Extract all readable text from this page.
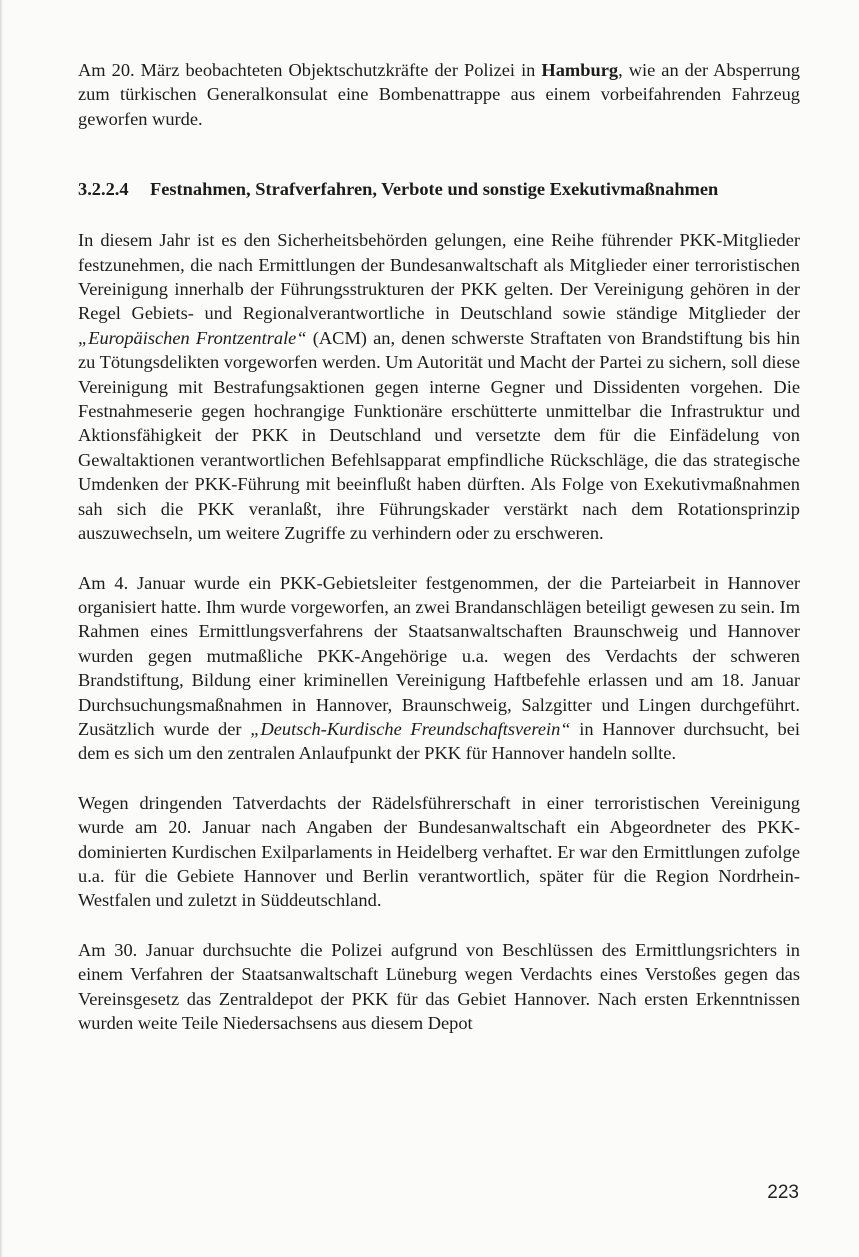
Am 20. März beobachteten Objektschutzkräfte der Polizei in Hamburg, wie an der Absperrung zum türkischen Generalkonsulat eine Bombenattrappe aus einem vorbeifahrenden Fahrzeug geworfen wurde.

3.2.2.4 Festnahmen, Strafverfahren, Verbote und sonstige Exekutivmaßnahmen

In diesem Jahr ist es den Sicherheitsbehörden gelungen, eine Reihe führender PKK-Mitglieder festzunehmen, die nach Ermittlungen der Bundesanwaltschaft als Mitglieder einer terroristischen Vereinigung innerhalb der Führungsstrukturen der PKK gelten. Der Vereinigung gehören in der Regel Gebiets- und Regionalverantwortliche in Deutschland sowie ständige Mitglieder der „Europäischen Frontzentrale“ (ACM) an, denen schwerste Straftaten von Brandstiftung bis hin zu Tötungsdelikten vorgeworfen werden. Um Autorität und Macht der Partei zu sichern, soll diese Vereinigung mit Bestrafungsaktionen gegen interne Gegner und Dissidenten vorgehen. Die Festnahmeserie gegen hochrangige Funktionäre erschütterte unmittelbar die Infrastruktur und Aktionsfähigkeit der PKK in Deutschland und versetzte dem für die Einfädelung von Gewaltaktionen verantwortlichen Befehlsapparat empfindliche Rückschläge, die das strategische Umdenken der PKK-Führung mit beeinflußt haben dürften. Als Folge von Exekutivmaßnahmen sah sich die PKK veranlaßt, ihre Führungskader verstärkt nach dem Rotationsprinzip auszuwechseln, um weitere Zugriffe zu verhindern oder zu erschweren.

Am 4. Januar wurde ein PKK-Gebietsleiter festgenommen, der die Parteiarbeit in Hannover organisiert hatte. Ihm wurde vorgeworfen, an zwei Brandanschlägen beteiligt gewesen zu sein. Im Rahmen eines Ermittlungsverfahrens der Staatsanwaltschaften Braunschweig und Hannover wurden gegen mutmaßliche PKK-Angehörige u.a. wegen des Verdachts der schweren Brandstiftung, Bildung einer kriminellen Vereinigung Haftbefehle erlassen und am 18. Januar Durchsuchungsmaßnahmen in Hannover, Braunschweig, Salzgitter und Lingen durchgeführt. Zusätzlich wurde der „Deutsch-Kurdische Freundschaftsverein“ in Hannover durchsucht, bei dem es sich um den zentralen Anlaufpunkt der PKK für Hannover handeln sollte.

Wegen dringenden Tatverdachts der Rädelsführerschaft in einer terroristischen Vereinigung wurde am 20. Januar nach Angaben der Bundesanwaltschaft ein Abgeordneter des PKK-dominierten Kurdischen Exilparlaments in Heidelberg verhaftet. Er war den Ermittlungen zufolge u.a. für die Gebiete Hannover und Berlin verantwortlich, später für die Region Nordrhein-Westfalen und zuletzt in Süddeutschland.

Am 30. Januar durchsuchte die Polizei aufgrund von Beschlüssen des Ermittlungsrichters in einem Verfahren der Staatsanwaltschaft Lüneburg wegen Verdachts eines Verstoßes gegen das Vereinsgesetz das Zentraldepot der PKK für das Gebiet Hannover. Nach ersten Erkenntnissen wurden weite Teile Niedersachsens aus diesem Depot

223
